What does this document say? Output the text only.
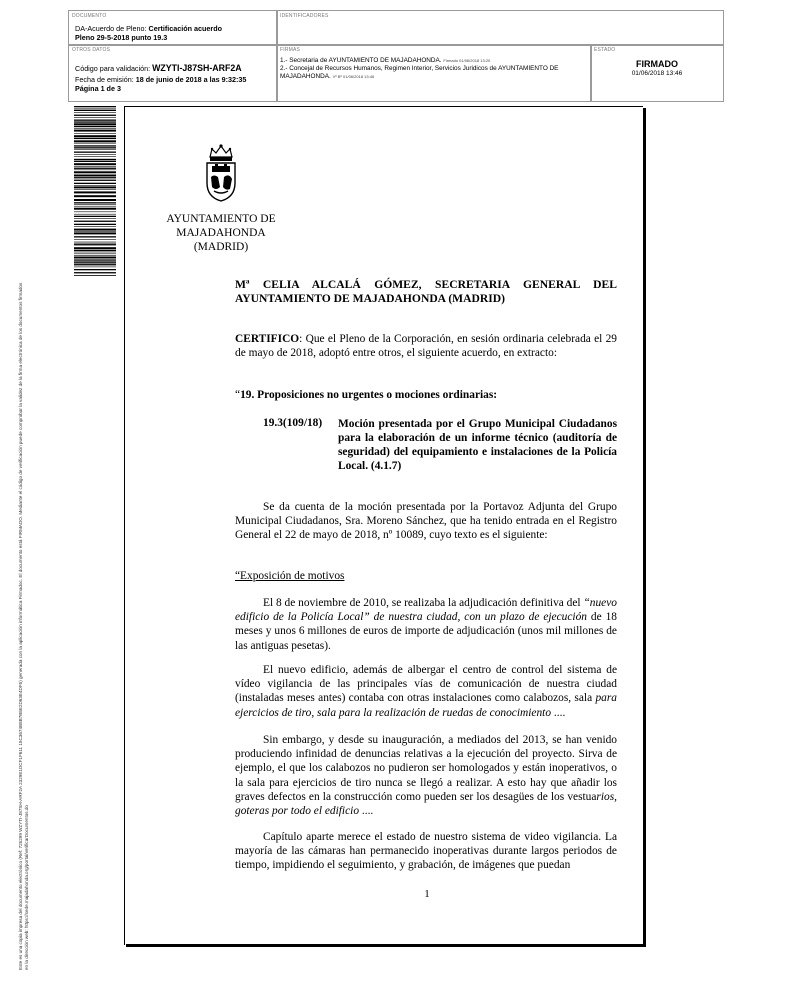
DOCUMENTO
DA-Acuerdo de Pleno: Certificación acuerdo
Pleno 29-5-2018 punto 19.3
IDENTIFICADORES
OTROS DATOS
Código para validación: WZYTI-J87SH-ARF2A
Fecha de emisión: 18 de junio de 2018 a las 9:32:35
Página 1 de 3
FIRMAS
1.- Secretaria de AYUNTAMIENTO DE MAJADAHONDA. Firmado 01/06/2018 13:20
2.- Concejal de Recursos Humanos, Regimen Interior, Servicios Juridicos de AYUNTAMIENTO DE MAJADAHONDA. Vº Bº 01/06/2018 13:46
ESTADO
FIRMADO
01/06/2018 13:46
Este es una copia impresa del documento electrónico (Ref: 725299 WZYTI-J87SH-ARF2A 2329E1DCF1F611 15C3674B8B7B8E2D63E4DF5) generada con la aplicación informática Firmadoc. El documento está FIRMADO. Mediante el código de verificación puede comprobar la validez de la firma electrónica de los documentos firmados en la dirección web: https://sede.majadahonda.org/portal/verificarDocumentos.do
AYUNTAMIENTO DE
MAJADAHONDA
(MADRID)
Mª CELIA ALCALÁ GÓMEZ, SECRETARIA GENERAL DEL AYUNTAMIENTO DE MAJADAHONDA (MADRID)
CERTIFICO: Que el Pleno de la Corporación, en sesión ordinaria celebrada el 29 de mayo de 2018, adoptó entre otros, el siguiente acuerdo, en extracto:
“19. Proposiciones no urgentes o mociones ordinarias:
19.3(109/18) Moción presentada por el Grupo Municipal Ciudadanos para la elaboración de un informe técnico (auditoría de seguridad) del equipamiento e instalaciones de la Policía Local. (4.1.7)
Se da cuenta de la moción presentada por la Portavoz Adjunta del Grupo Municipal Ciudadanos, Sra. Moreno Sánchez, que ha tenido entrada en el Registro General el 22 de mayo de 2018, nº 10089, cuyo texto es el siguiente:
“Exposición de motivos
El 8 de noviembre de 2010, se realizaba la adjudicación definitiva del “nuevo edificio de la Policía Local” de nuestra ciudad, con un plazo de ejecución de 18 meses y unos 6 millones de euros de importe de adjudicación (unos mil millones de las antiguas pesetas).
El nuevo edificio, además de albergar el centro de control del sistema de vídeo vigilancia de las principales vías de comunicación de nuestra ciudad (instaladas meses antes) contaba con otras instalaciones como calabozos, sala para ejercicios de tiro, sala para la realización de ruedas de conocimiento ....
Sin embargo, y desde su inauguración, a mediados del 2013, se han venido produciendo infinidad de denuncias relativas a la ejecución del proyecto. Sirva de ejemplo, el que los calabozos no pudieron ser homologados y están inoperativos, o la sala para ejercicios de tiro nunca se llegó a realizar. A esto hay que añadir los graves defectos en la construcción como pueden ser los desagües de los vestuarios, goteras por todo el edificio ....
Capítulo aparte merece el estado de nuestro sistema de video vigilancia. La mayoría de las cámaras han permanecido inoperativas durante largos periodos de tiempo, impidiendo el seguimiento, y grabación, de imágenes que puedan
1
